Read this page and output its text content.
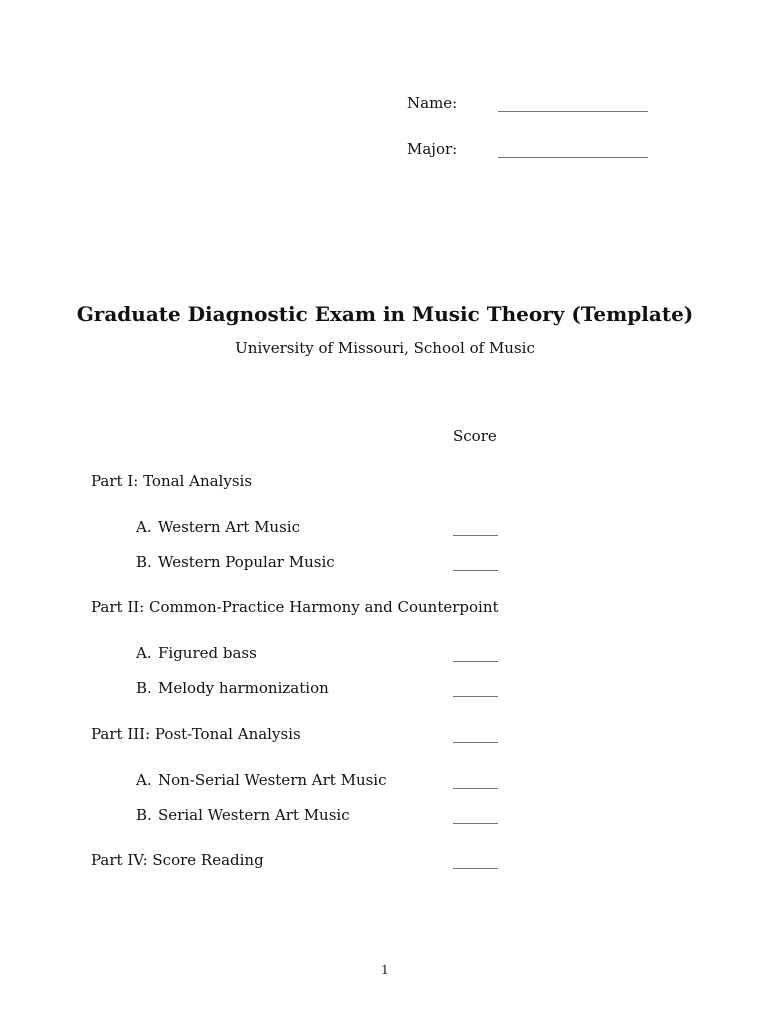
Name:	____________________
Major:	____________________
Graduate Diagnostic Exam in Music Theory (Template)
University of Missouri, School of Music
Score
Part I: Tonal Analysis
A. Western Art Music	______
B. Western Popular Music	______
Part II: Common-Practice Harmony and Counterpoint
A. Figured bass	______
B. Melody harmonization	______
Part III: Post-Tonal Analysis	______
A. Non-Serial Western Art Music	______
B. Serial Western Art Music	______
Part IV: Score Reading	______
1
